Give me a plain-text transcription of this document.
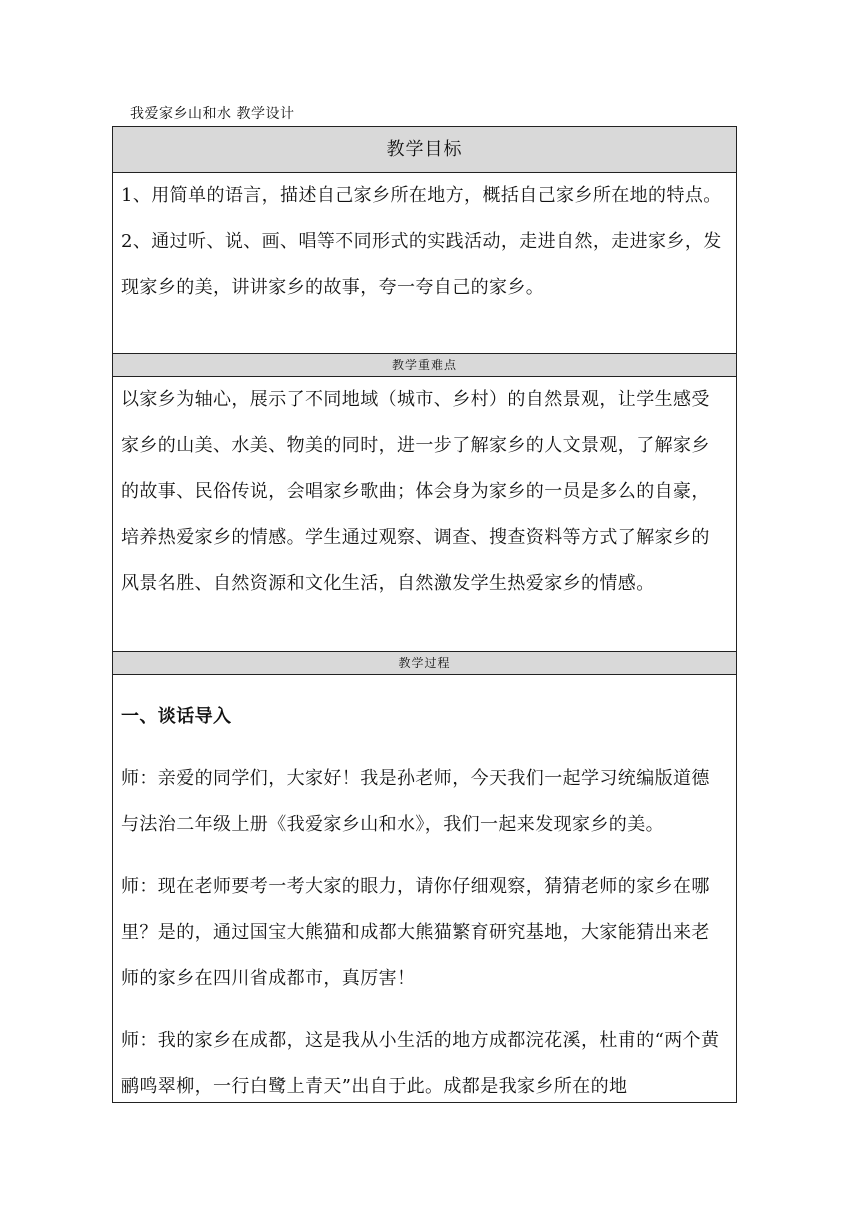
我爱家乡山和水 教学设计
教学目标

1、用简单的语言，描述自己家乡所在地方，概括自己家乡所在地的特点。

2、通过听、说、画、唱等不同形式的实践活动，走进自然，走进家乡，发现家乡的美，讲讲家乡的故事，夸一夸自己的家乡。

教学重难点

以家乡为轴心，展示了不同地域（城市、乡村）的自然景观，让学生感受家乡的山美、水美、物美的同时，进一步了解家乡的人文景观，了解家乡的故事、民俗传说，会唱家乡歌曲；体会身为家乡的一员是多么的自豪，培养热爱家乡的情感。学生通过观察、调查、搜查资料等方式了解家乡的风景名胜、自然资源和文化生活，自然激发学生热爱家乡的情感。

教学过程

一、谈话导入

师：亲爱的同学们，大家好！我是孙老师，今天我们一起学习统编版道德与法治二年级上册《我爱家乡山和水》，我们一起来发现家乡的美。

师：现在老师要考一考大家的眼力，请你仔细观察，猜猜老师的家乡在哪里？是的，通过国宝大熊猫和成都大熊猫繁育研究基地，大家能猜出来老师的家乡在四川省成都市，真厉害！

师：我的家乡在成都，这是我从小生活的地方成都浣花溪，杜甫的“两个黄鹂鸣翠柳，一行白鹭上青天”出自于此。成都是我家乡所在的地
